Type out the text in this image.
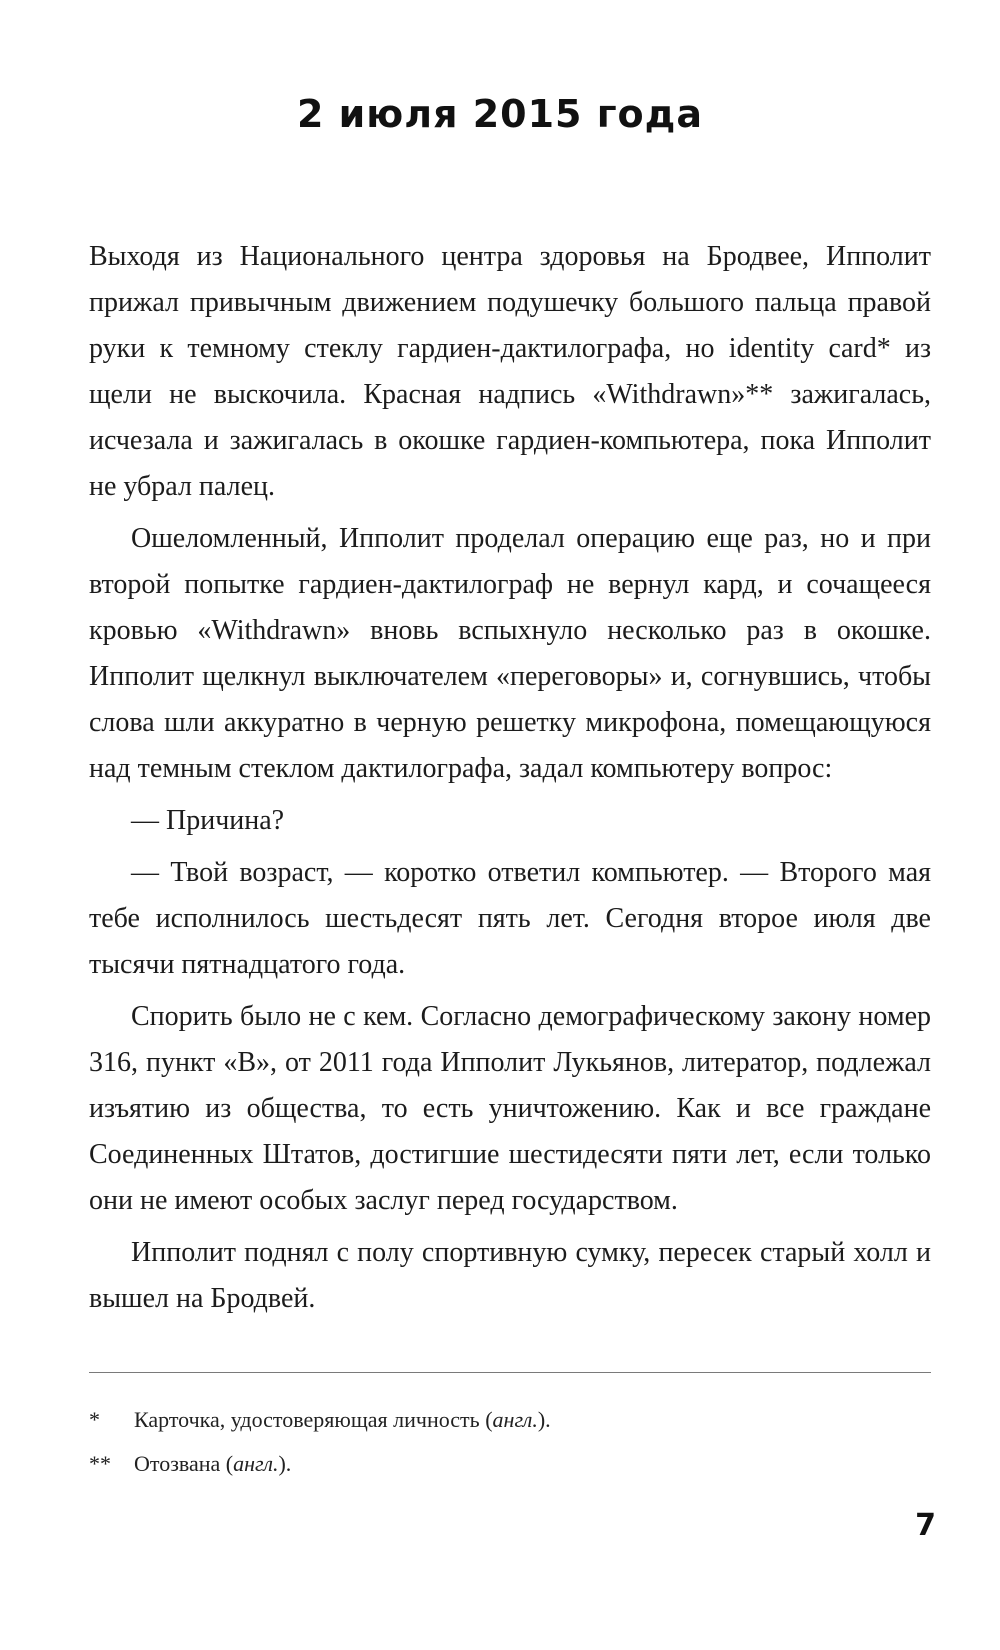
2 июля 2015 года

Выходя из Национального центра здоровья на Бродвее, Ипполит прижал привычным движением подушечку большого пальца правой руки к темному стеклу гардиен-дактилографа, но identity card* из щели не выскочила. Красная надпись «Withdrawn»** зажигалась, исчезала и зажигалась в окошке гардиен-компьютера, пока Ипполит не убрал палец.

Ошеломленный, Ипполит проделал операцию еще раз, но и при второй попытке гардиен-дактилограф не вернул кард, и сочащееся кровью «Withdrawn» вновь вспыхнуло несколько раз в окошке. Ипполит щелкнул выключателем «переговоры» и, согнувшись, чтобы слова шли аккуратно в черную решетку микрофона, помещающуюся над темным стеклом дактилографа, задал компьютеру вопрос:

— Причина?

— Твой возраст, — коротко ответил компьютер. — Второго мая тебе исполнилось шестьдесят пять лет. Сегодня второе июля две тысячи пятнадцатого года.

Спорить было не с кем. Согласно демографическому закону номер 316, пункт «В», от 2011 года Ипполит Лукьянов, литератор, подлежал изъятию из общества, то есть уничтожению. Как и все граждане Соединенных Штатов, достигшие шестидесяти пяти лет, если только они не имеют особых заслуг перед государством.

Ипполит поднял с полу спортивную сумку, пересек старый холл и вышел на Бродвей.

*	Карточка, удостоверяющая личность (англ.).
**	Отозвана (англ.).
7
